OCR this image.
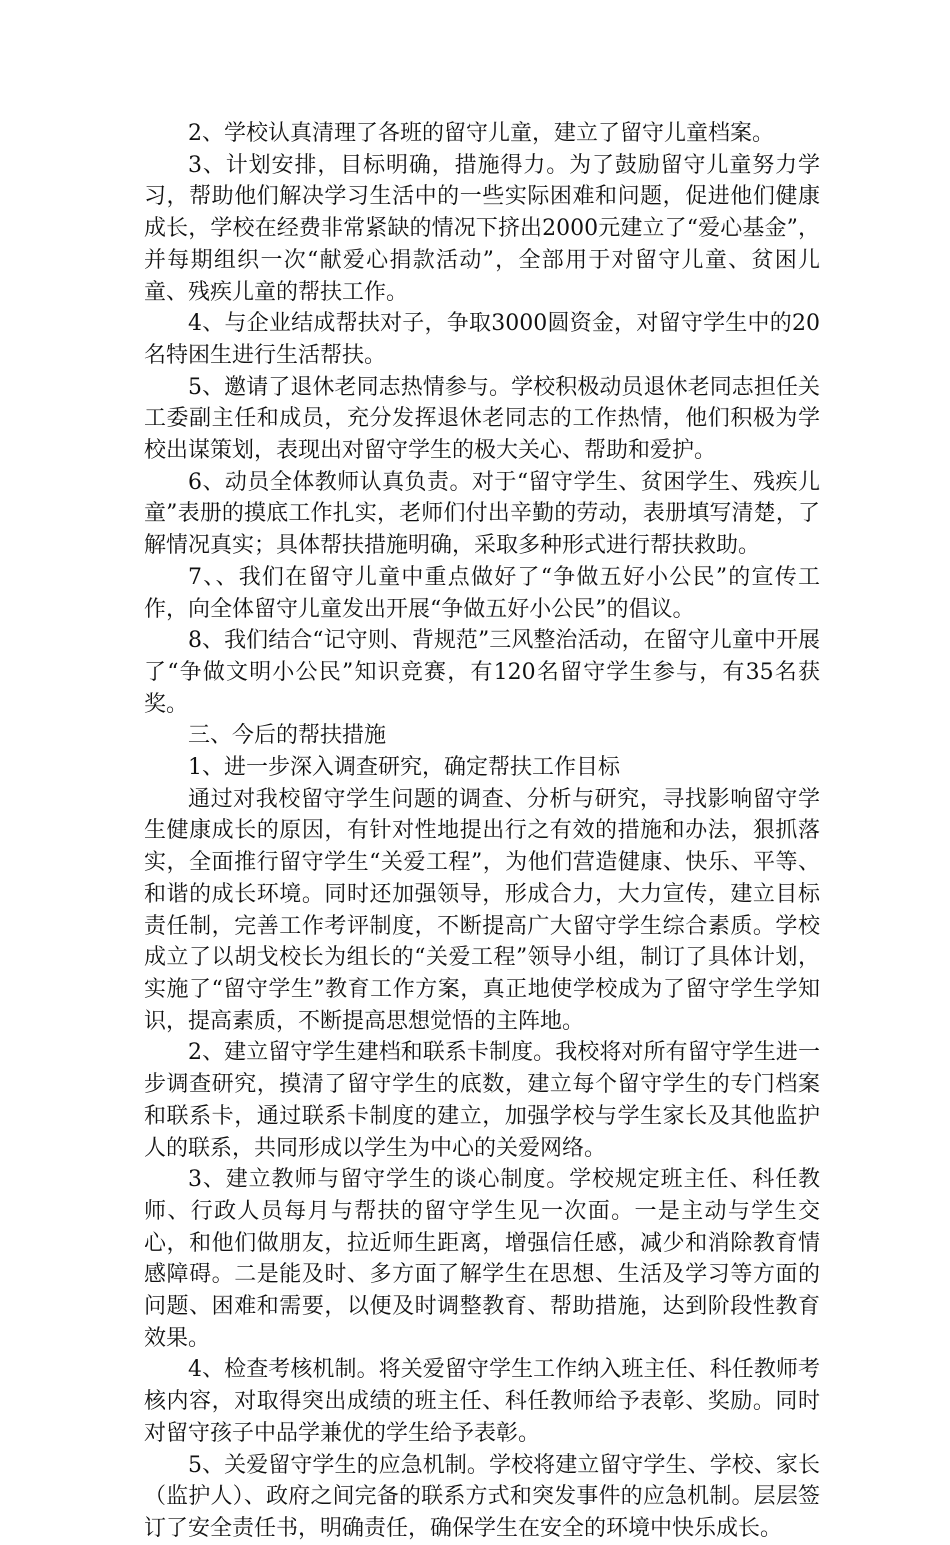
2、学校认真清理了各班的留守儿童，建立了留守儿童档案。

3、计划安排，目标明确，措施得力。为了鼓励留守儿童努力学习，帮助他们解决学习生活中的一些实际困难和问题，促进他们健康成长，学校在经费非常紧缺的情况下挤出2000元建立了“爱心基金”，并每期组织一次“献爱心捐款活动”，全部用于对留守儿童、贫困儿童、残疾儿童的帮扶工作。

4、与企业结成帮扶对子，争取3000圆资金，对留守学生中的20名特困生进行生活帮扶。

5、邀请了退休老同志热情参与。学校积极动员退休老同志担任关工委副主任和成员，充分发挥退休老同志的工作热情，他们积极为学校出谋策划，表现出对留守学生的极大关心、帮助和爱护。

6、动员全体教师认真负责。对于“留守学生、贫困学生、残疾儿童”表册的摸底工作扎实，老师们付出辛勤的劳动，表册填写清楚，了解情况真实；具体帮扶措施明确，采取多种形式进行帮扶救助。

7、、我们在留守儿童中重点做好了“争做五好小公民”的宣传工作，向全体留守儿童发出开展“争做五好小公民”的倡议。

8、我们结合“记守则、背规范”三风整治活动，在留守儿童中开展了“争做文明小公民”知识竞赛，有120名留守学生参与，有35名获奖。

三、今后的帮扶措施

1、进一步深入调查研究，确定帮扶工作目标

通过对我校留守学生问题的调查、分析与研究，寻找影响留守学生健康成长的原因，有针对性地提出行之有效的措施和办法，狠抓落实，全面推行留守学生“关爱工程”，为他们营造健康、快乐、平等、和谐的成长环境。同时还加强领导，形成合力，大力宣传，建立目标责任制，完善工作考评制度，不断提高广大留守学生综合素质。学校成立了以胡戈校长为组长的“关爱工程”领导小组，制订了具体计划，实施了“留守学生”教育工作方案，真正地使学校成为了留守学生学知识，提高素质，不断提高思想觉悟的主阵地。

2、建立留守学生建档和联系卡制度。我校将对所有留守学生进一步调查研究，摸清了留守学生的底数，建立每个留守学生的专门档案和联系卡，通过联系卡制度的建立，加强学校与学生家长及其他监护人的联系，共同形成以学生为中心的关爱网络。

3、建立教师与留守学生的谈心制度。学校规定班主任、科任教师、行政人员每月与帮扶的留守学生见一次面。一是主动与学生交心，和他们做朋友，拉近师生距离，增强信任感，减少和消除教育情感障碍。二是能及时、多方面了解学生在思想、生活及学习等方面的问题、困难和需要，以便及时调整教育、帮助措施，达到阶段性教育效果。

4、检查考核机制。将关爱留守学生工作纳入班主任、科任教师考核内容，对取得突出成绩的班主任、科任教师给予表彰、奖励。同时对留守孩子中品学兼优的学生给予表彰。

5、关爱留守学生的应急机制。学校将建立留守学生、学校、家长（监护人）、政府之间完备的联系方式和突发事件的应急机制。层层签订了安全责任书，明确责任，确保学生在安全的环境中快乐成长。
